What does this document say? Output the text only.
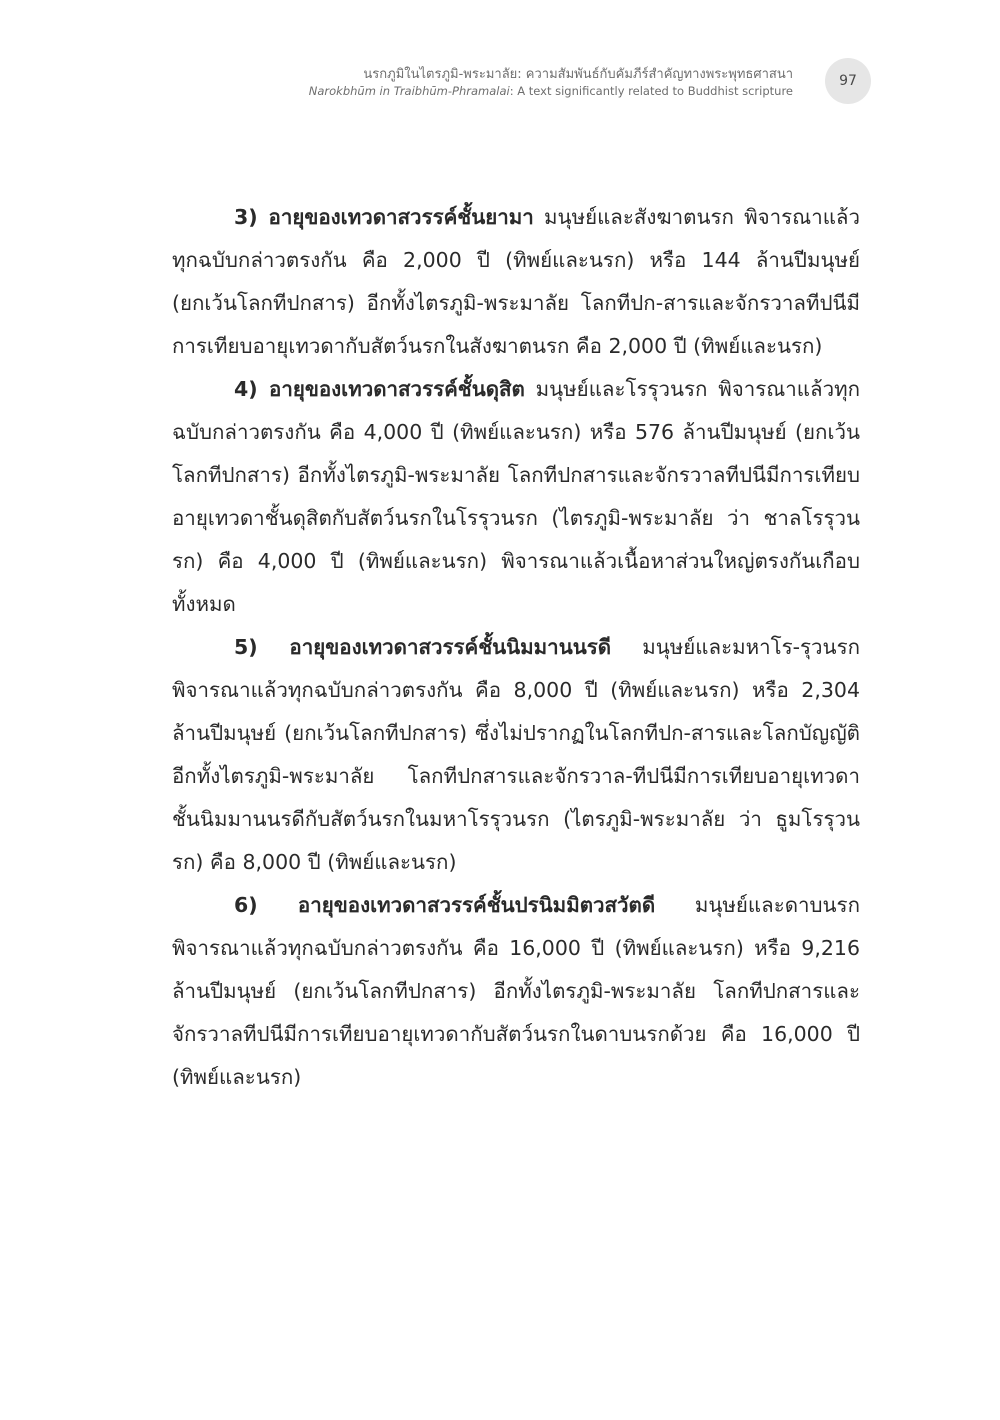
นรกภูมิในไตรภูมิ-พระมาลัย: ความสัมพันธ์กับคัมภีร์สำคัญทางพระพุทธศาสนา
Narokbhūm in Traibhūm-Phramalai: A text significantly related to Buddhist scripture
97

3) อายุของเทวดาสวรรค์ชั้นยามา มนุษย์และสังฆาตนรก พิจารณาแล้วทุกฉบับกล่าวตรงกัน คือ 2,000 ปี (ทิพย์และนรก) หรือ 144 ล้านปีมนุษย์ (ยกเว้นโลกทีปกสาร) อีกทั้งไตรภูมิ-พระมาลัย โลกทีปก-สารและจักรวาลทีปนีมีการเทียบอายุเทวดากับสัตว์นรกในสังฆาตนรก คือ 2,000 ปี (ทิพย์และนรก)

4) อายุของเทวดาสวรรค์ชั้นดุสิต มนุษย์และโรรุวนรก พิจารณาแล้วทุกฉบับกล่าวตรงกัน คือ 4,000 ปี (ทิพย์และนรก) หรือ 576 ล้านปีมนุษย์ (ยกเว้นโลกทีปกสาร) อีกทั้งไตรภูมิ-พระมาลัย โลกทีปกสารและจักรวาลทีปนีมีการเทียบอายุเทวดาชั้นดุสิตกับสัตว์นรกในโรรุวนรก (ไตรภูมิ-พระมาลัย ว่า ชาลโรรุวนรก) คือ 4,000 ปี (ทิพย์และนรก) พิจารณาแล้วเนื้อหาส่วนใหญ่ตรงกันเกือบทั้งหมด

5) อายุของเทวดาสวรรค์ชั้นนิมมานนรดี มนุษย์และมหาโร-รุวนรก พิจารณาแล้วทุกฉบับกล่าวตรงกัน คือ 8,000 ปี (ทิพย์และนรก) หรือ 2,304 ล้านปีมนุษย์ (ยกเว้นโลกทีปกสาร) ซึ่งไม่ปรากฏในโลกทีปก-สารและโลกบัญญัติ อีกทั้งไตรภูมิ-พระมาลัย โลกทีปกสารและจักรวาล-ทีปนีมีการเทียบอายุเทวดาชั้นนิมมานนรดีกับสัตว์นรกในมหาโรรุวนรก (ไตรภูมิ-พระมาลัย ว่า ธูมโรรุวนรก) คือ 8,000 ปี (ทิพย์และนรก)

6) อายุของเทวดาสวรรค์ชั้นปรนิมมิตวสวัตดี มนุษย์และดาบนรก พิจารณาแล้วทุกฉบับกล่าวตรงกัน คือ 16,000 ปี (ทิพย์และนรก) หรือ 9,216 ล้านปีมนุษย์ (ยกเว้นโลกทีปกสาร) อีกทั้งไตรภูมิ-พระมาลัย โลกทีปกสารและจักรวาลทีปนีมีการเทียบอายุเทวดากับสัตว์นรกในดาบนรกด้วย คือ 16,000 ปี (ทิพย์และนรก)
